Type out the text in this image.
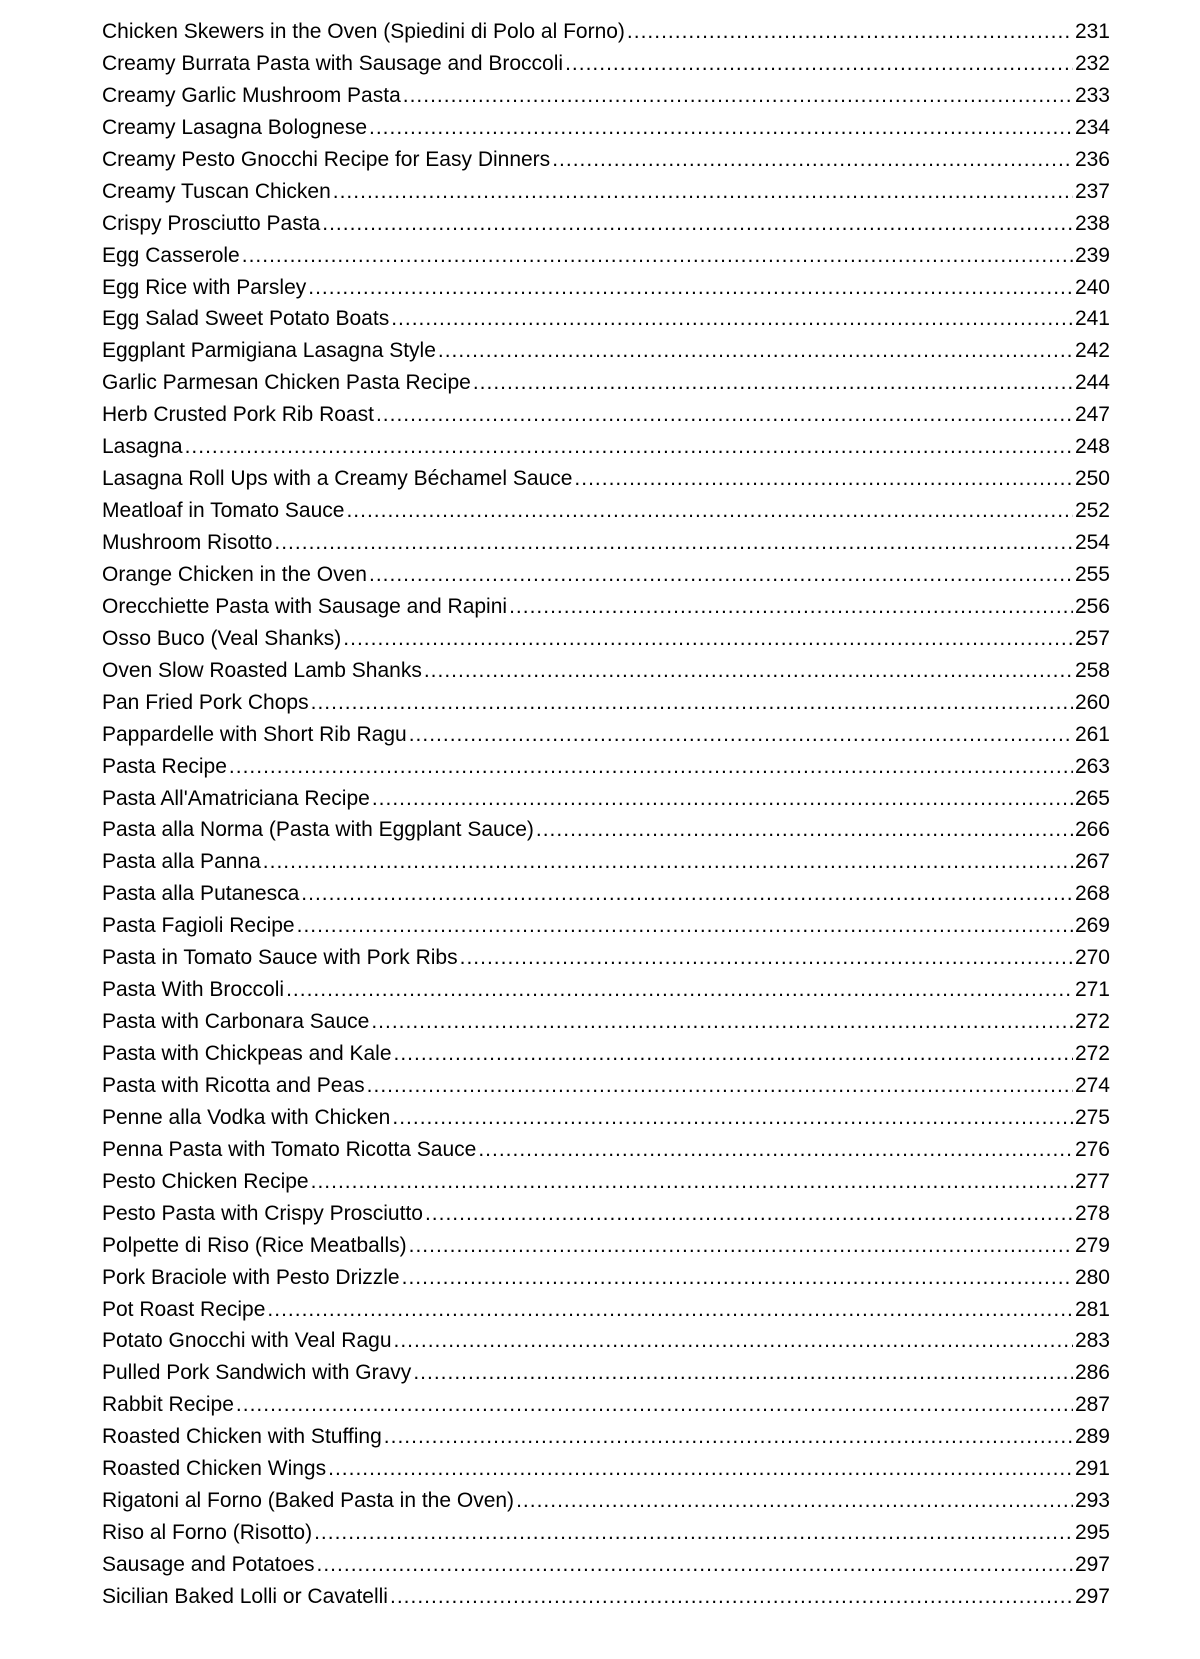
Chicken Skewers in the Oven (Spiedini di Polo al Forno) .....	231
Creamy Burrata Pasta with Sausage and Broccoli .....	232
Creamy Garlic Mushroom Pasta .....	233
Creamy Lasagna Bolognese .....	234
Creamy Pesto Gnocchi Recipe for Easy Dinners .....	236
Creamy Tuscan Chicken .....	237
Crispy Prosciutto Pasta .....	238
Egg Casserole .....	239
Egg Rice with Parsley .....	240
Egg Salad Sweet Potato Boats .....	241
Eggplant Parmigiana Lasagna Style .....	242
Garlic Parmesan Chicken Pasta Recipe .....	244
Herb Crusted Pork Rib Roast .....	247
Lasagna .....	248
Lasagna Roll Ups with a Creamy Béchamel Sauce .....	250
Meatloaf in Tomato Sauce .....	252
Mushroom Risotto .....	254
Orange Chicken in the Oven .....	255
Orecchiette Pasta with Sausage and Rapini .....	256
Osso Buco (Veal Shanks) .....	257
Oven Slow Roasted Lamb Shanks .....	258
Pan Fried Pork Chops .....	260
Pappardelle with Short Rib Ragu .....	261
Pasta Recipe .....	263
Pasta All'Amatriciana Recipe .....	265
Pasta alla Norma (Pasta with Eggplant Sauce) .....	266
Pasta alla Panna .....	267
Pasta alla Putanesca .....	268
Pasta Fagioli Recipe .....	269
Pasta in Tomato Sauce with Pork Ribs .....	270
Pasta With Broccoli .....	271
Pasta with Carbonara Sauce .....	272
Pasta with Chickpeas and Kale .....	272
Pasta with Ricotta and Peas .....	274
Penne alla Vodka with Chicken .....	275
Penna Pasta with Tomato Ricotta Sauce .....	276
Pesto Chicken Recipe .....	277
Pesto Pasta with Crispy Prosciutto .....	278
Polpette di Riso (Rice Meatballs) .....	279
Pork Braciole with Pesto Drizzle .....	280
Pot Roast Recipe .....	281
Potato Gnocchi with Veal Ragu .....	283
Pulled Pork Sandwich with Gravy .....	286
Rabbit Recipe .....	287
Roasted Chicken with Stuffing .....	289
Roasted Chicken Wings .....	291
Rigatoni al Forno (Baked Pasta in the Oven) .....	293
Riso al Forno (Risotto) .....	295
Sausage and Potatoes .....	297
Sicilian Baked Lolli or Cavatelli .....	297
